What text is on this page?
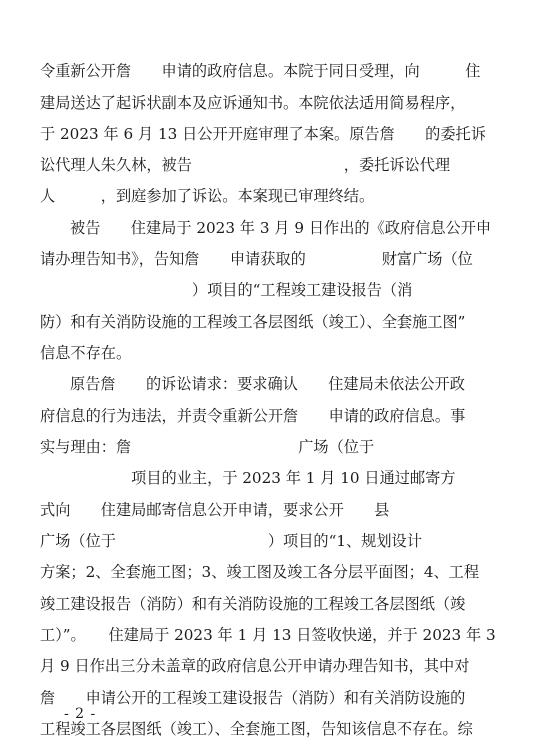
令重新公开詹　　申请的政府信息。本院于同日受理，向　　　住
建局送达了起诉状副本及应诉通知书。本院依法适用简易程序，
于 2023 年 6 月 13 日公开开庭审理了本案。原告詹　　的委托诉
讼代理人朱久林，被告　　　　　　　　　　，委托诉讼代理
人　　　，到庭参加了诉讼。本案现已审理终结。
被告　　住建局于 2023 年 3 月 9 日作出的《政府信息公开申
请办理告知书》，告知詹　　申请获取的　　　　　财富广场（位
　　　　　　　　　　）项目的“工程竣工建设报告（消
防）和有关消防设施的工程竣工各层图纸（竣工）、全套施工图”
信息不存在。
原告詹　　的诉讼请求：要求确认　　住建局未依法公开政
府信息的行为违法，并责令重新公开詹　　申请的政府信息。事
实与理由：詹　　　　　　　　　　　广场（位于
　　　　　　项目的业主，于 2023 年 1 月 10 日通过邮寄方
式向　　住建局邮寄信息公开申请，要求公开　　县
广场（位于　　　　　　　　　　）项目的“1、规划设计
方案；2、全套施工图；3、竣工图及竣工各分层平面图；4、工程
竣工建设报告（消防）和有关消防设施的工程竣工各层图纸（竣
工）”。　　住建局于 2023 年 1 月 13 日签收快递，并于 2023 年 3
月 9 日作出三分未盖章的政府信息公开申请办理告知书，其中对
詹　　申请公开的工程竣工建设报告（消防）和有关消防设施的
工程竣工各层图纸（竣工）、全套施工图，告知该信息不存在。综
- 2 -
